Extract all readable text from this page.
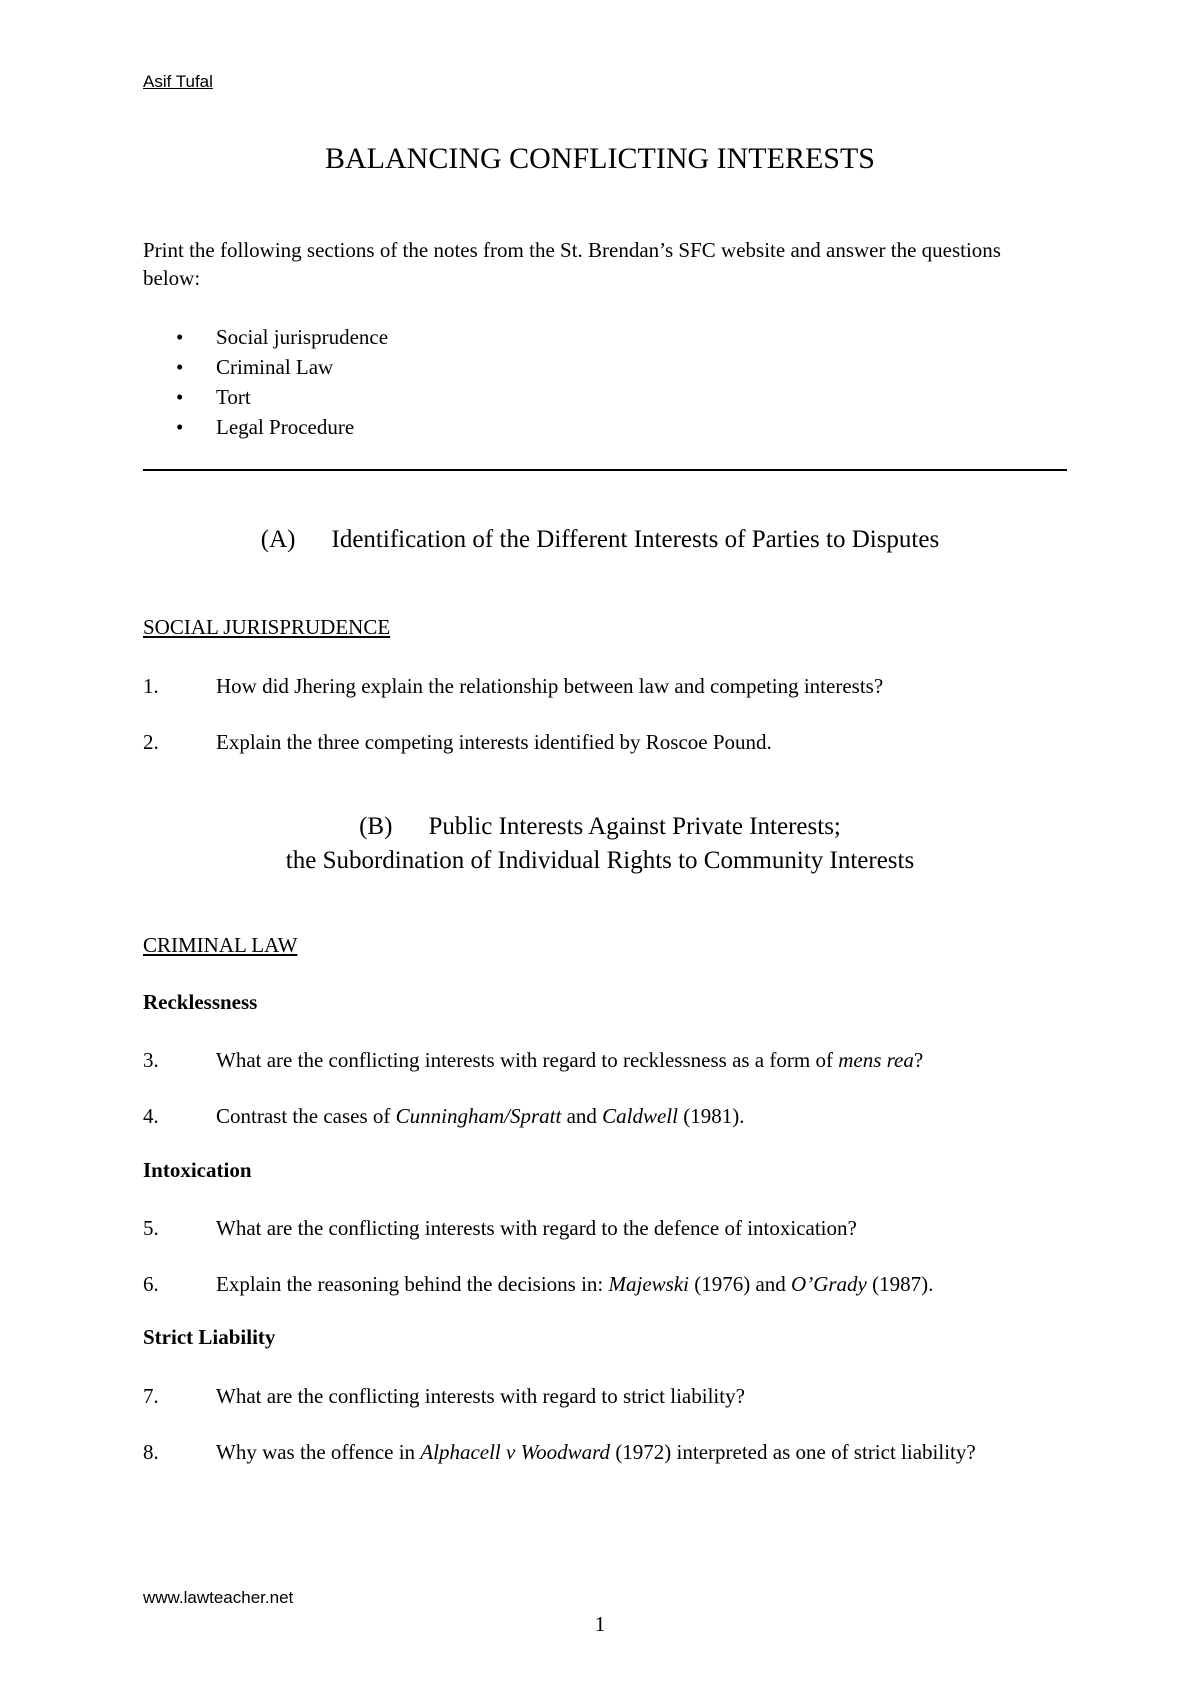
Asif Tufal
BALANCING CONFLICTING INTERESTS
Print the following sections of the notes from the St. Brendan’s SFC website and answer the questions below:
• Social jurisprudence
• Criminal Law
• Tort
• Legal Procedure
(A) Identification of the Different Interests of Parties to Disputes
SOCIAL JURISPRUDENCE
1.	How did Jhering explain the relationship between law and competing interests?
2.	Explain the three competing interests identified by Roscoe Pound.
(B) Public Interests Against Private Interests;
the Subordination of Individual Rights to Community Interests
CRIMINAL LAW
Recklessness
3.	What are the conflicting interests with regard to recklessness as a form of mens rea?
4.	Contrast the cases of Cunningham/Spratt and Caldwell (1981).
Intoxication
5.	What are the conflicting interests with regard to the defence of intoxication?
6.	Explain the reasoning behind the decisions in: Majewski (1976) and O’Grady (1987).
Strict Liability
7.	What are the conflicting interests with regard to strict liability?
8.	Why was the offence in Alphacell v Woodward (1972) interpreted as one of strict liability?
www.lawteacher.net
1
